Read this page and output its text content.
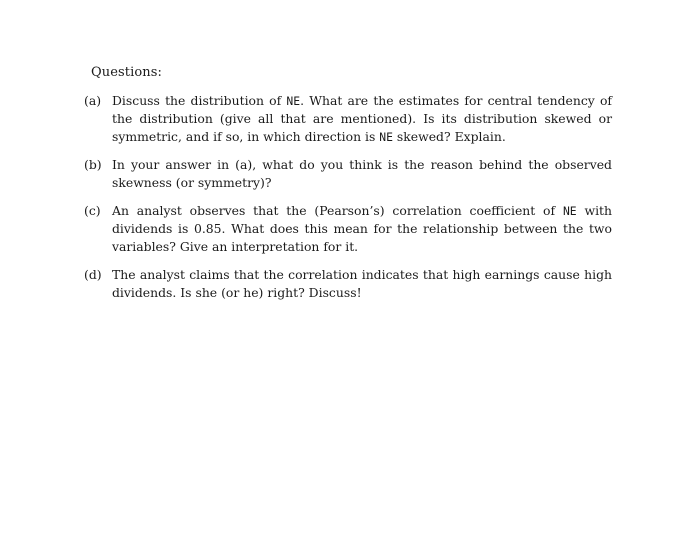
Questions:
(a) Discuss the distribution of NE. What are the estimates for central tendency of the distribution (give all that are mentioned). Is its distribution skewed or symmetric, and if so, in which direction is NE skewed? Explain.
(b) In your answer in (a), what do you think is the reason behind the observed skewness (or symmetry)?
(c) An analyst observes that the (Pearson’s) correlation coefficient of NE with dividends is 0.85. What does this mean for the relationship between the two variables? Give an interpretation for it.
(d) The analyst claims that the correlation indicates that high earnings cause high dividends. Is she (or he) right? Discuss!
